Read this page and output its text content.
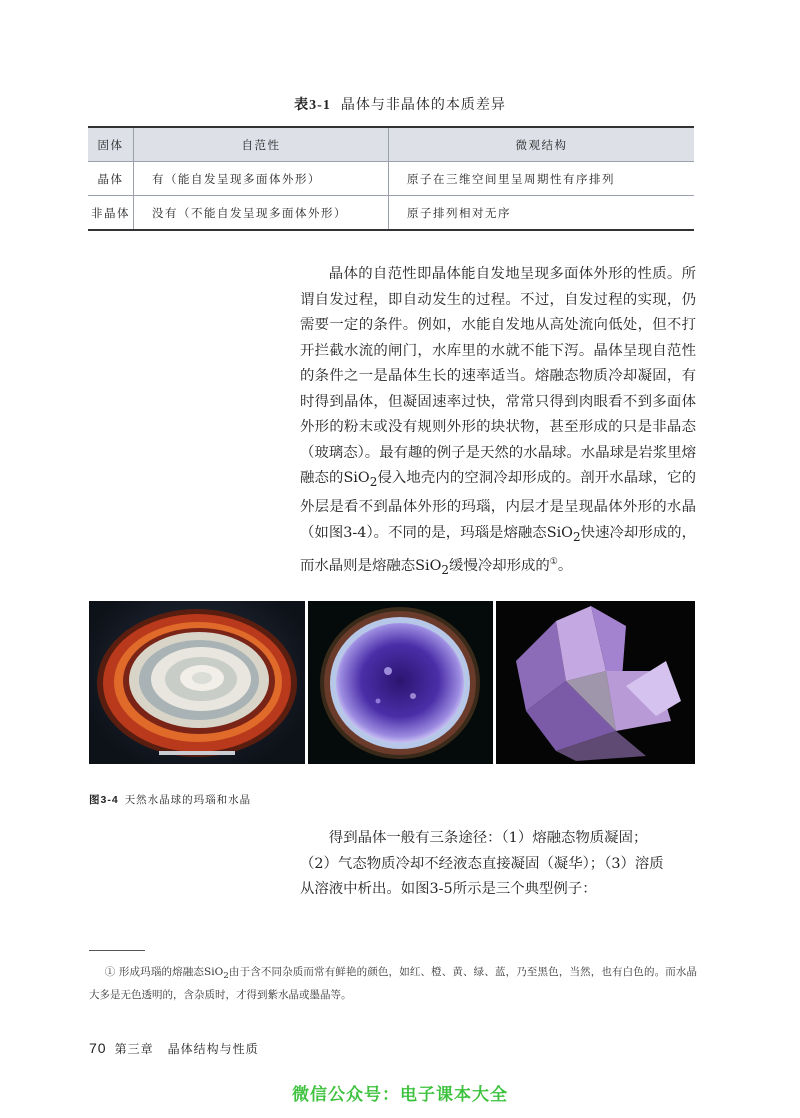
表3-1 晶体与非晶体的本质差异
固体	自范性	微观结构
晶体	有（能自发呈现多面体外形）	原子在三维空间里呈周期性有序排列
非晶体	没有（不能自发呈现多面体外形）	原子排列相对无序

晶体的自范性即晶体能自发地呈现多面体外形的性质。所谓自发过程，即自动发生的过程。不过，自发过程的实现，仍需要一定的条件。例如，水能自发地从高处流向低处，但不打开拦截水流的闸门，水库里的水就不能下泻。晶体呈现自范性的条件之一是晶体生长的速率适当。熔融态物质冷却凝固，有时得到晶体，但凝固速率过快，常常只得到肉眼看不到多面体外形的粉末或没有规则外形的块状物，甚至形成的只是非晶态（玻璃态）。最有趣的例子是天然的水晶球。水晶球是岩浆里熔融态的SiO$_2$侵入地壳内的空洞冷却形成的。剖开水晶球，它的外层是看不到晶体外形的玛瑙，内层才是呈现晶体外形的水晶（如图3-4）。不同的是，玛瑙是熔融态SiO$_2$快速冷却形成的，而水晶则是熔融态SiO$_2$缓慢冷却形成的①。

图3-4 天然水晶球的玛瑙和水晶

得到晶体一般有三条途径：（1）熔融态物质凝固；

（2）气态物质冷却不经液态直接凝固（凝华）；（3）溶质

从溶液中析出。如图3-5所示是三个典型例子：

① 形成玛瑙的熔融态SiO$_2$由于含不同杂质而常有鲜艳的颜色，如红、橙、黄、绿、蓝，乃至黑色，当然，也有白色的。而水晶大多是无色透明的，含杂质时，才得到紫水晶或墨晶等。

70 第三章 晶体结构与性质
微信公众号：电子课本大全
